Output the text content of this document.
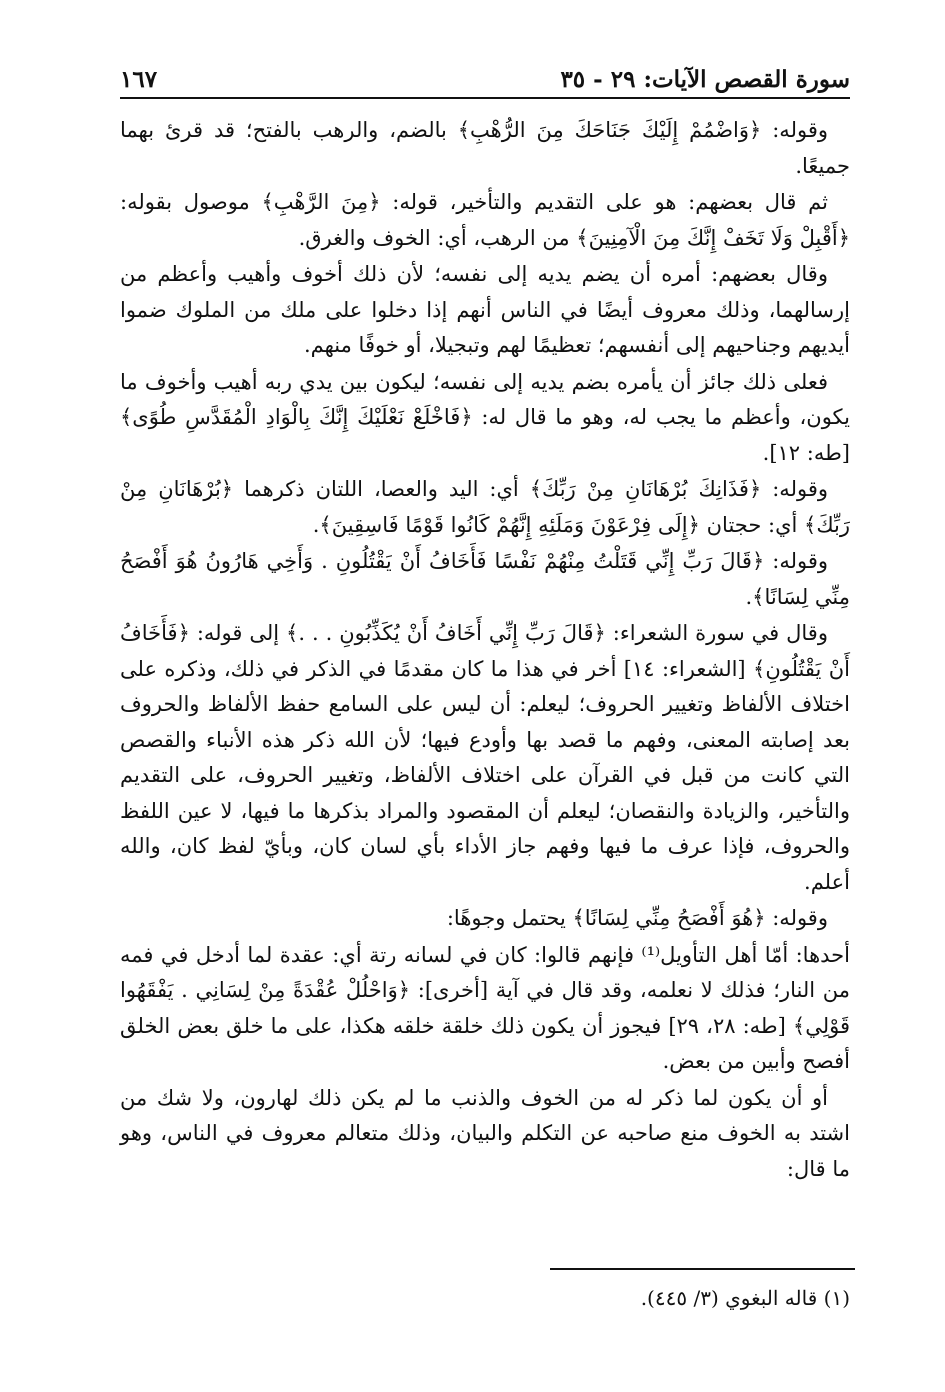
سورة القصص الآيات: ٢٩ - ٣٥
١٦٧

وقوله: ﴿وَاضْمُمْ إِلَيْكَ جَنَاحَكَ مِنَ الرُّهْبِ﴾ بالضم، والرهب بالفتح؛ قد قرئ بهما جميعًا.

ثم قال بعضهم: هو على التقديم والتأخير، قوله: ﴿مِنَ الرَّهْبِ﴾ موصول بقوله: ﴿أَقْبِلْ وَلَا تَخَفْ إِنَّكَ مِنَ الْآمِنِينَ﴾ من الرهب، أي: الخوف والغرق.

وقال بعضهم: أمره أن يضم يديه إلى نفسه؛ لأن ذلك أخوف وأهيب وأعظم من إرسالهما، وذلك معروف أيضًا في الناس أنهم إذا دخلوا على ملك من الملوك ضموا أيديهم وجناحيهم إلى أنفسهم؛ تعظيمًا لهم وتبجيلا، أو خوفًا منهم.

فعلى ذلك جائز أن يأمره بضم يديه إلى نفسه؛ ليكون بين يدي ربه أهيب وأخوف ما يكون، وأعظم ما يجب له، وهو ما قال له: ﴿فَاخْلَعْ نَعْلَيْكَ إِنَّكَ بِالْوَادِ الْمُقَدَّسِ طُوًى﴾ [طه: ١٢].

وقوله: ﴿فَذَانِكَ بُرْهَانَانِ مِنْ رَبِّكَ﴾ أي: اليد والعصا، اللتان ذكرهما ﴿بُرْهَانَانِ مِنْ رَبِّكَ﴾ أي: حجتان ﴿إِلَى فِرْعَوْنَ وَمَلَئِهِ إِنَّهُمْ كَانُوا قَوْمًا فَاسِقِينَ﴾.

وقوله: ﴿قَالَ رَبِّ إِنِّي قَتَلْتُ مِنْهُمْ نَفْسًا فَأَخَافُ أَنْ يَقْتُلُونِ . وَأَخِي هَارُونُ هُوَ أَفْصَحُ مِنِّي لِسَانًا﴾.

وقال في سورة الشعراء: ﴿قَالَ رَبِّ إِنِّي أَخَافُ أَنْ يُكَذِّبُونِ . . .﴾ إلى قوله: ﴿فَأَخَافُ أَنْ يَقْتُلُونِ﴾ [الشعراء: ١٤] أخر في هذا ما كان مقدمًا في الذكر في ذلك، وذكره على اختلاف الألفاظ وتغيير الحروف؛ ليعلم: أن ليس على السامع حفظ الألفاظ والحروف بعد إصابته المعنى، وفهم ما قصد بها وأودع فيها؛ لأن الله ذكر هذه الأنباء والقصص التي كانت من قبل في القرآن على اختلاف الألفاظ، وتغيير الحروف، على التقديم والتأخير، والزيادة والنقصان؛ ليعلم أن المقصود والمراد بذكرها ما فيها، لا عين اللفظ والحروف، فإذا عرف ما فيها وفهم جاز الأداء بأي لسان كان، وبأيّ لفظ كان، والله أعلم.

وقوله: ﴿هُوَ أَفْصَحُ مِنِّي لِسَانًا﴾ يحتمل وجوهًا:

أحدها: أمّا أهل التأويل⁽¹⁾ فإنهم قالوا: كان في لسانه رتة أي: عقدة لما أدخل في فمه من النار؛ فذلك لا نعلمه، وقد قال في آية [أخرى]: ﴿وَاحْلُلْ عُقْدَةً مِنْ لِسَانِي . يَفْقَهُوا قَوْلِي﴾ [طه: ٢٨، ٢٩] فيجوز أن يكون ذلك خلقة خلقه هكذا، على ما خلق بعض الخلق أفصح وأبين من بعض.

أو أن يكون لما ذكر له من الخوف والذنب ما لم يكن ذلك لهارون، ولا شك من اشتد به الخوف منع صاحبه عن التكلم والبيان، وذلك متعالم معروف في الناس، وهو ما قال:

(١) قاله البغوي (٣/ ٤٤٥).
